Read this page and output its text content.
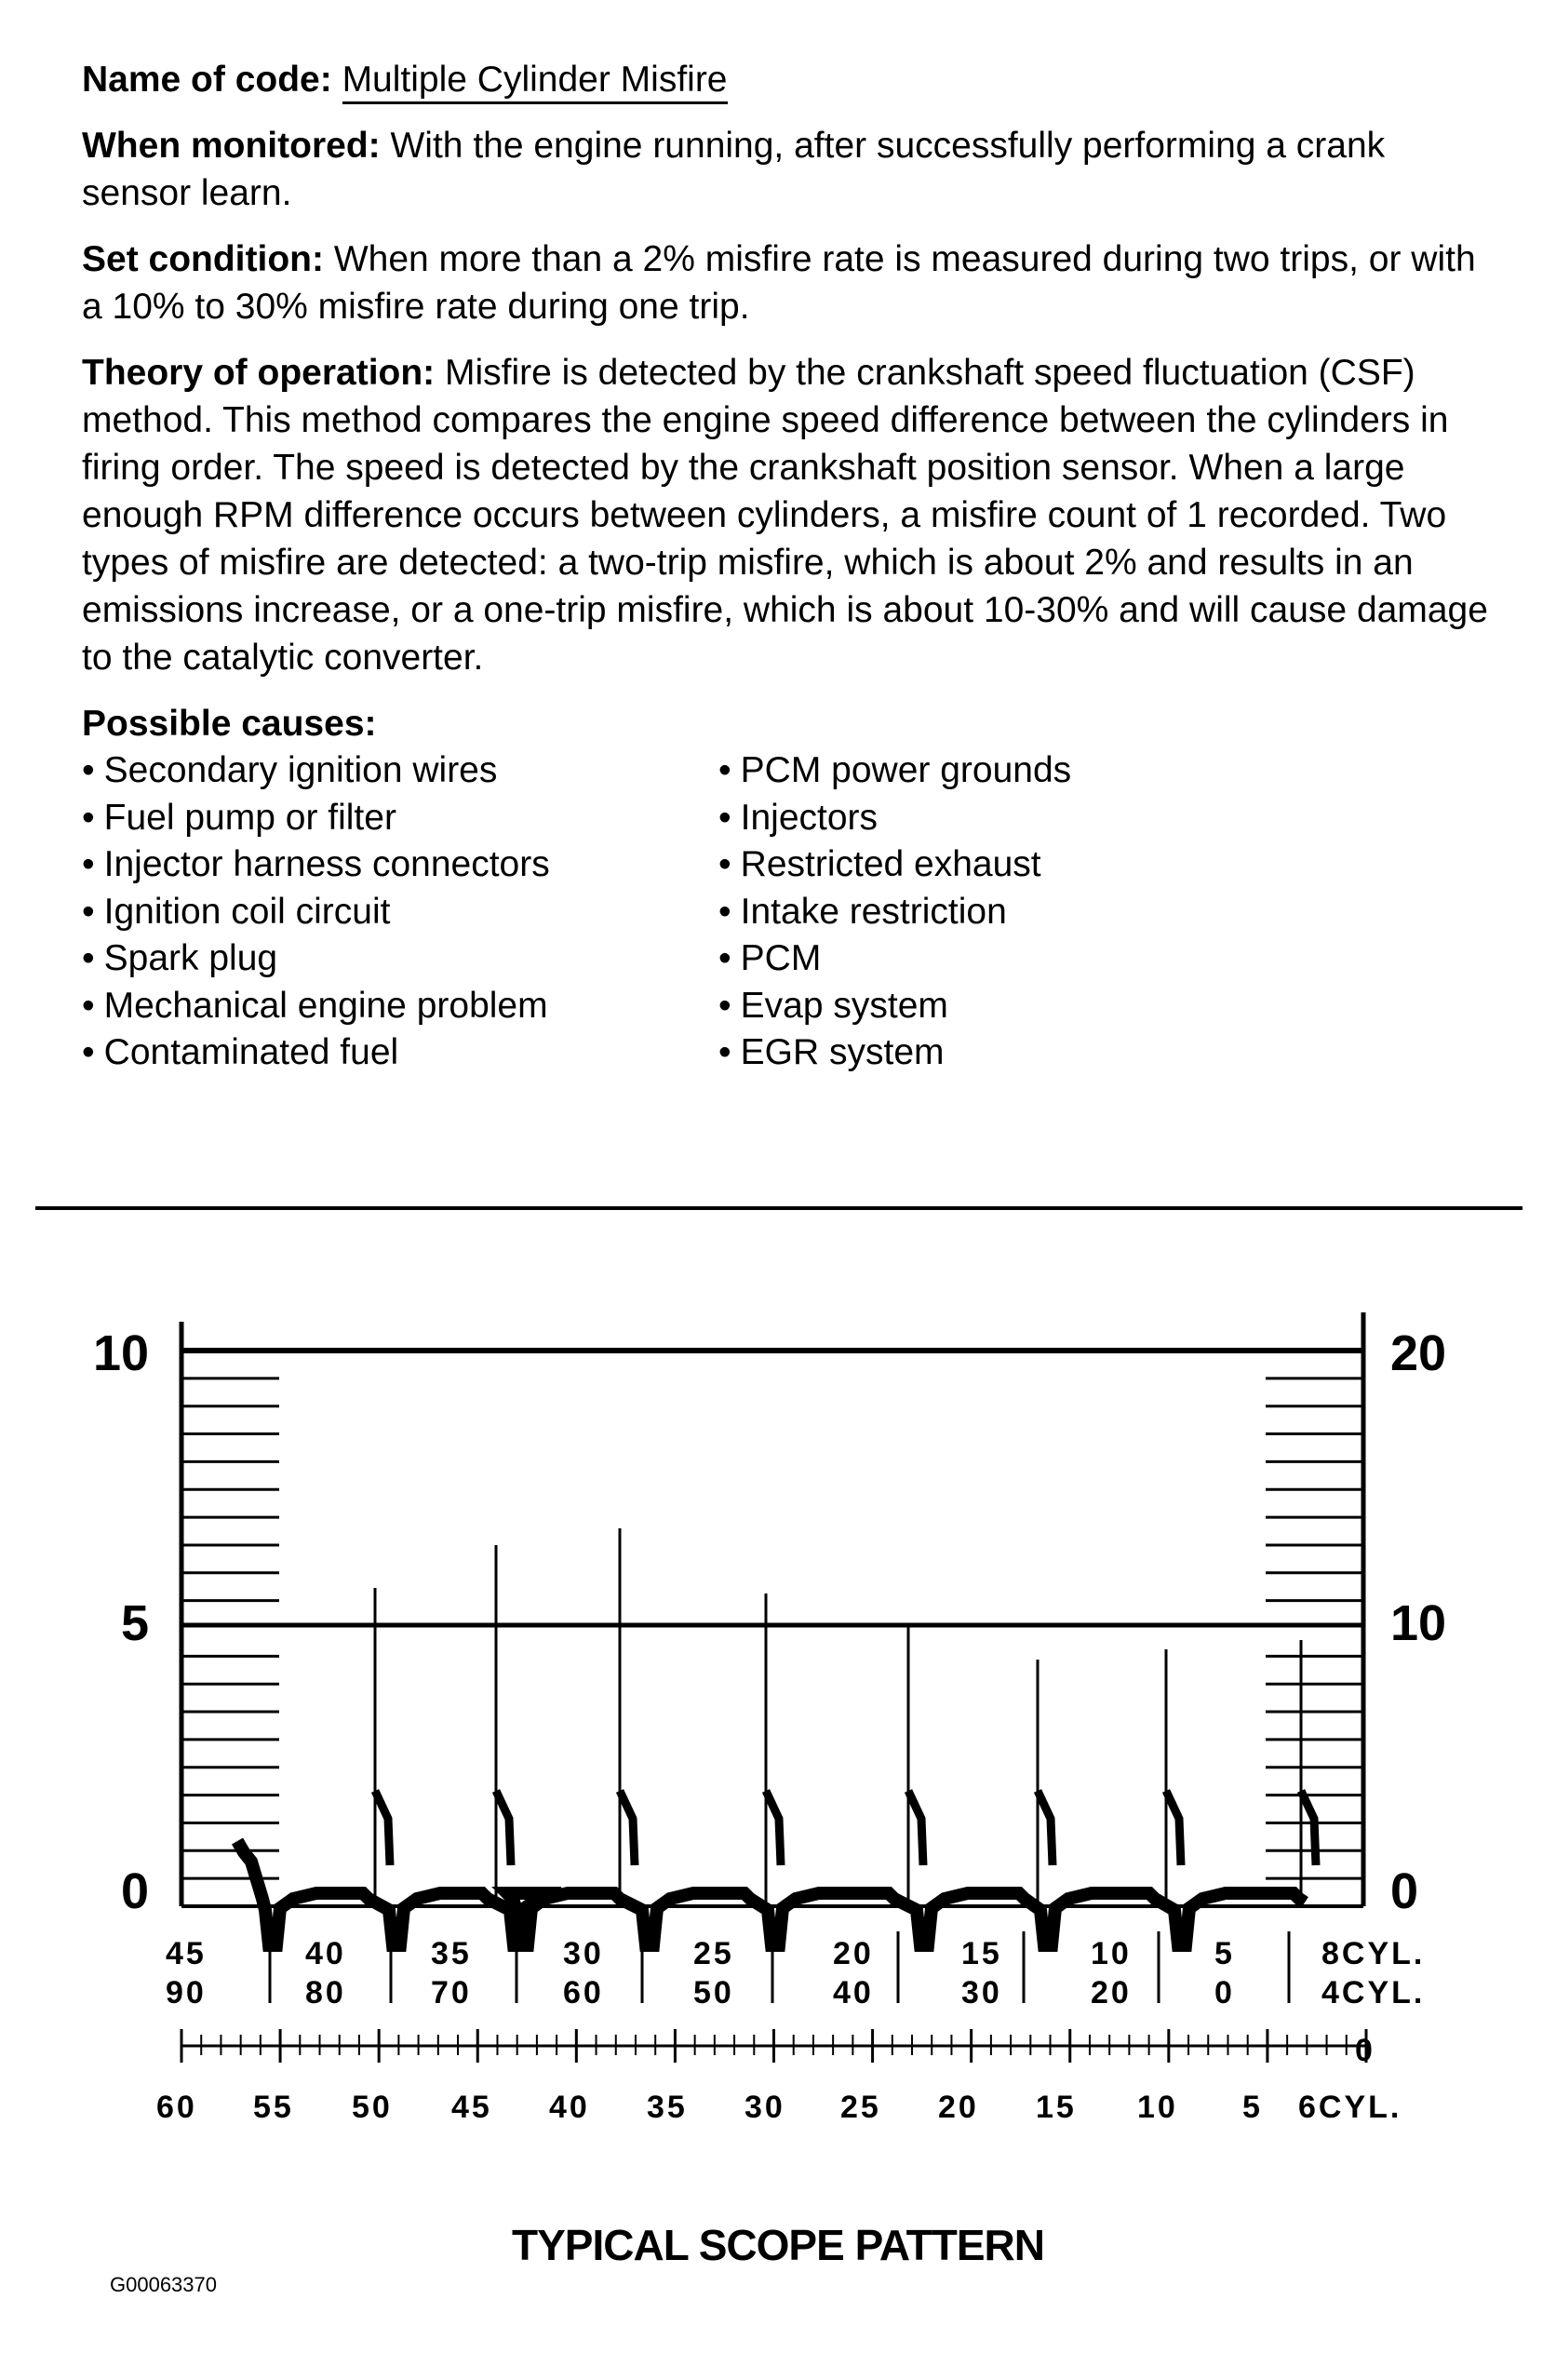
Name of code: Multiple Cylinder Misfire

When monitored: With the engine running, after successfully performing a crank sensor learn.

Set condition: When more than a 2% misfire rate is measured during two trips, or with a 10% to 30% misfire rate during one trip.

Theory of operation: Misfire is detected by the crankshaft speed fluctuation (CSF) method. This method compares the engine speed difference between the cylinders in firing order. The speed is detected by the crankshaft position sensor. When a large enough RPM difference occurs between cylinders, a misfire count of 1 recorded. Two types of misfire are detected: a two-trip misfire, which is about 2% and results in an emissions increase, or a one-trip misfire, which is about 10-30% and will cause damage to the catalytic converter.

Possible causes:

• Secondary ignition wires
• Fuel pump or filter
• Injector harness connectors
• Ignition coil circuit
• Spark plug
• Mechanical engine problem
• Contaminated fuel
• PCM power grounds
• Injectors
• Restricted exhaust
• Intake restriction
• PCM
• Evap system
• EGR system
10
5
0
20
10
0
45	40	35	30	25	20	15	10	5
90	80	70	60	50	40	30	20	0
8CYL.
4CYL.
60 55 50 45 40 35 30 25 20 15 10 5
0
6CYL.
TYPICAL SCOPE PATTERN
G00063370
